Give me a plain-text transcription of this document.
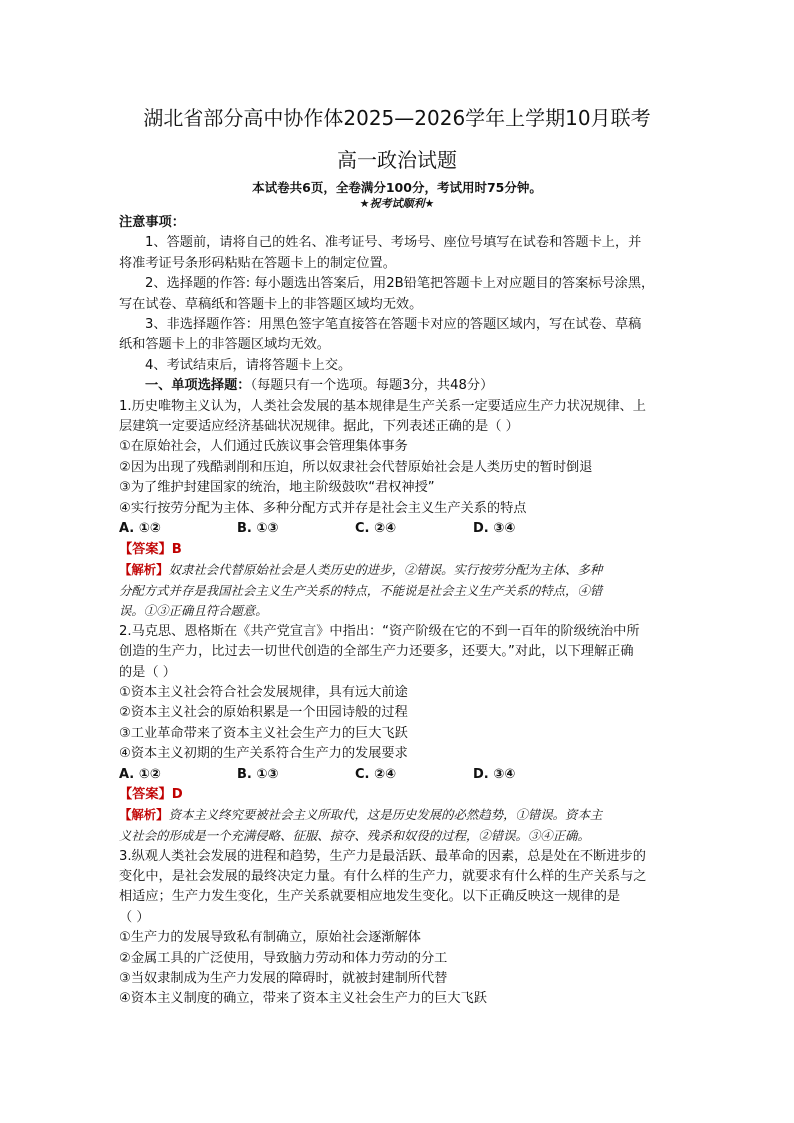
湖北省部分高中协作体2025—2026学年上学期10月联考
高一政治试题
本试卷共6页，全卷满分100分，考试用时75分钟。
★祝考试顺利★
注意事项：
1、答题前，请将自己的姓名、准考证号、考场号、座位号填写在试卷和答题卡上，并
将准考证号条形码粘贴在答题卡上的制定位置。
2、选择题的作答: 每小题选出答案后，用2B铅笔把答题卡上对应题目的答案标号涂黑，
写在试卷、草稿纸和答题卡上的非答题区域均无效。
3、非选择题作答：用黑色签字笔直接答在答题卡对应的答题区域内，写在试卷、草稿
纸和答题卡上的非答题区域均无效。
4、考试结束后，请将答题卡上交。
一、单项选择题：（每题只有一个选项。每题3分，共48分）
1.历史唯物主义认为，人类社会发展的基本规律是生产关系一定要适应生产力状况规律、上
层建筑一定要适应经济基础状况规律。据此，下列表述正确的是（ ）
①在原始社会，人们通过氏族议事会管理集体事务
②因为出现了残酷剥削和压迫，所以奴隶社会代替原始社会是人类历史的暂时倒退
③为了维护封建国家的统治，地主阶级鼓吹“君权神授”
④实行按劳分配为主体、多种分配方式并存是社会主义生产关系的特点
A. ①②	B. ①③	C. ②④	D. ③④
【答案】B
【解析】奴隶社会代替原始社会是人类历史的进步，②错误。实行按劳分配为主体、多种
分配方式并存是我国社会主义生产关系的特点，不能说是社会主义生产关系的特点，④错
误。①③正确且符合题意。
2.马克思、恩格斯在《共产党宣言》中指出：“资产阶级在它的不到一百年的阶级统治中所
创造的生产力，比过去一切世代创造的全部生产力还要多，还要大。”对此，以下理解正确
的是（ ）
①资本主义社会符合社会发展规律，具有远大前途
②资本主义社会的原始积累是一个田园诗般的过程
③工业革命带来了资本主义社会生产力的巨大飞跃
④资本主义初期的生产关系符合生产力的发展要求
A. ①②	B. ①③	C. ②④	D. ③④
【答案】D
【解析】资本主义终究要被社会主义所取代，这是历史发展的必然趋势，①错误。资本主
义社会的形成是一个充满侵略、征服、掠夺、残杀和奴役的过程，②错误。③④正确。
3.纵观人类社会发展的进程和趋势，生产力是最活跃、最革命的因素，总是处在不断进步的
变化中，是社会发展的最终决定力量。有什么样的生产力，就要求有什么样的生产关系与之
相适应；生产力发生变化，生产关系就要相应地发生变化。以下正确反映这一规律的是
（ ）
①生产力的发展导致私有制确立，原始社会逐渐解体
②金属工具的广泛使用，导致脑力劳动和体力劳动的分工
③当奴隶制成为生产力发展的障碍时，就被封建制所代替
④资本主义制度的确立，带来了资本主义社会生产力的巨大飞跃
